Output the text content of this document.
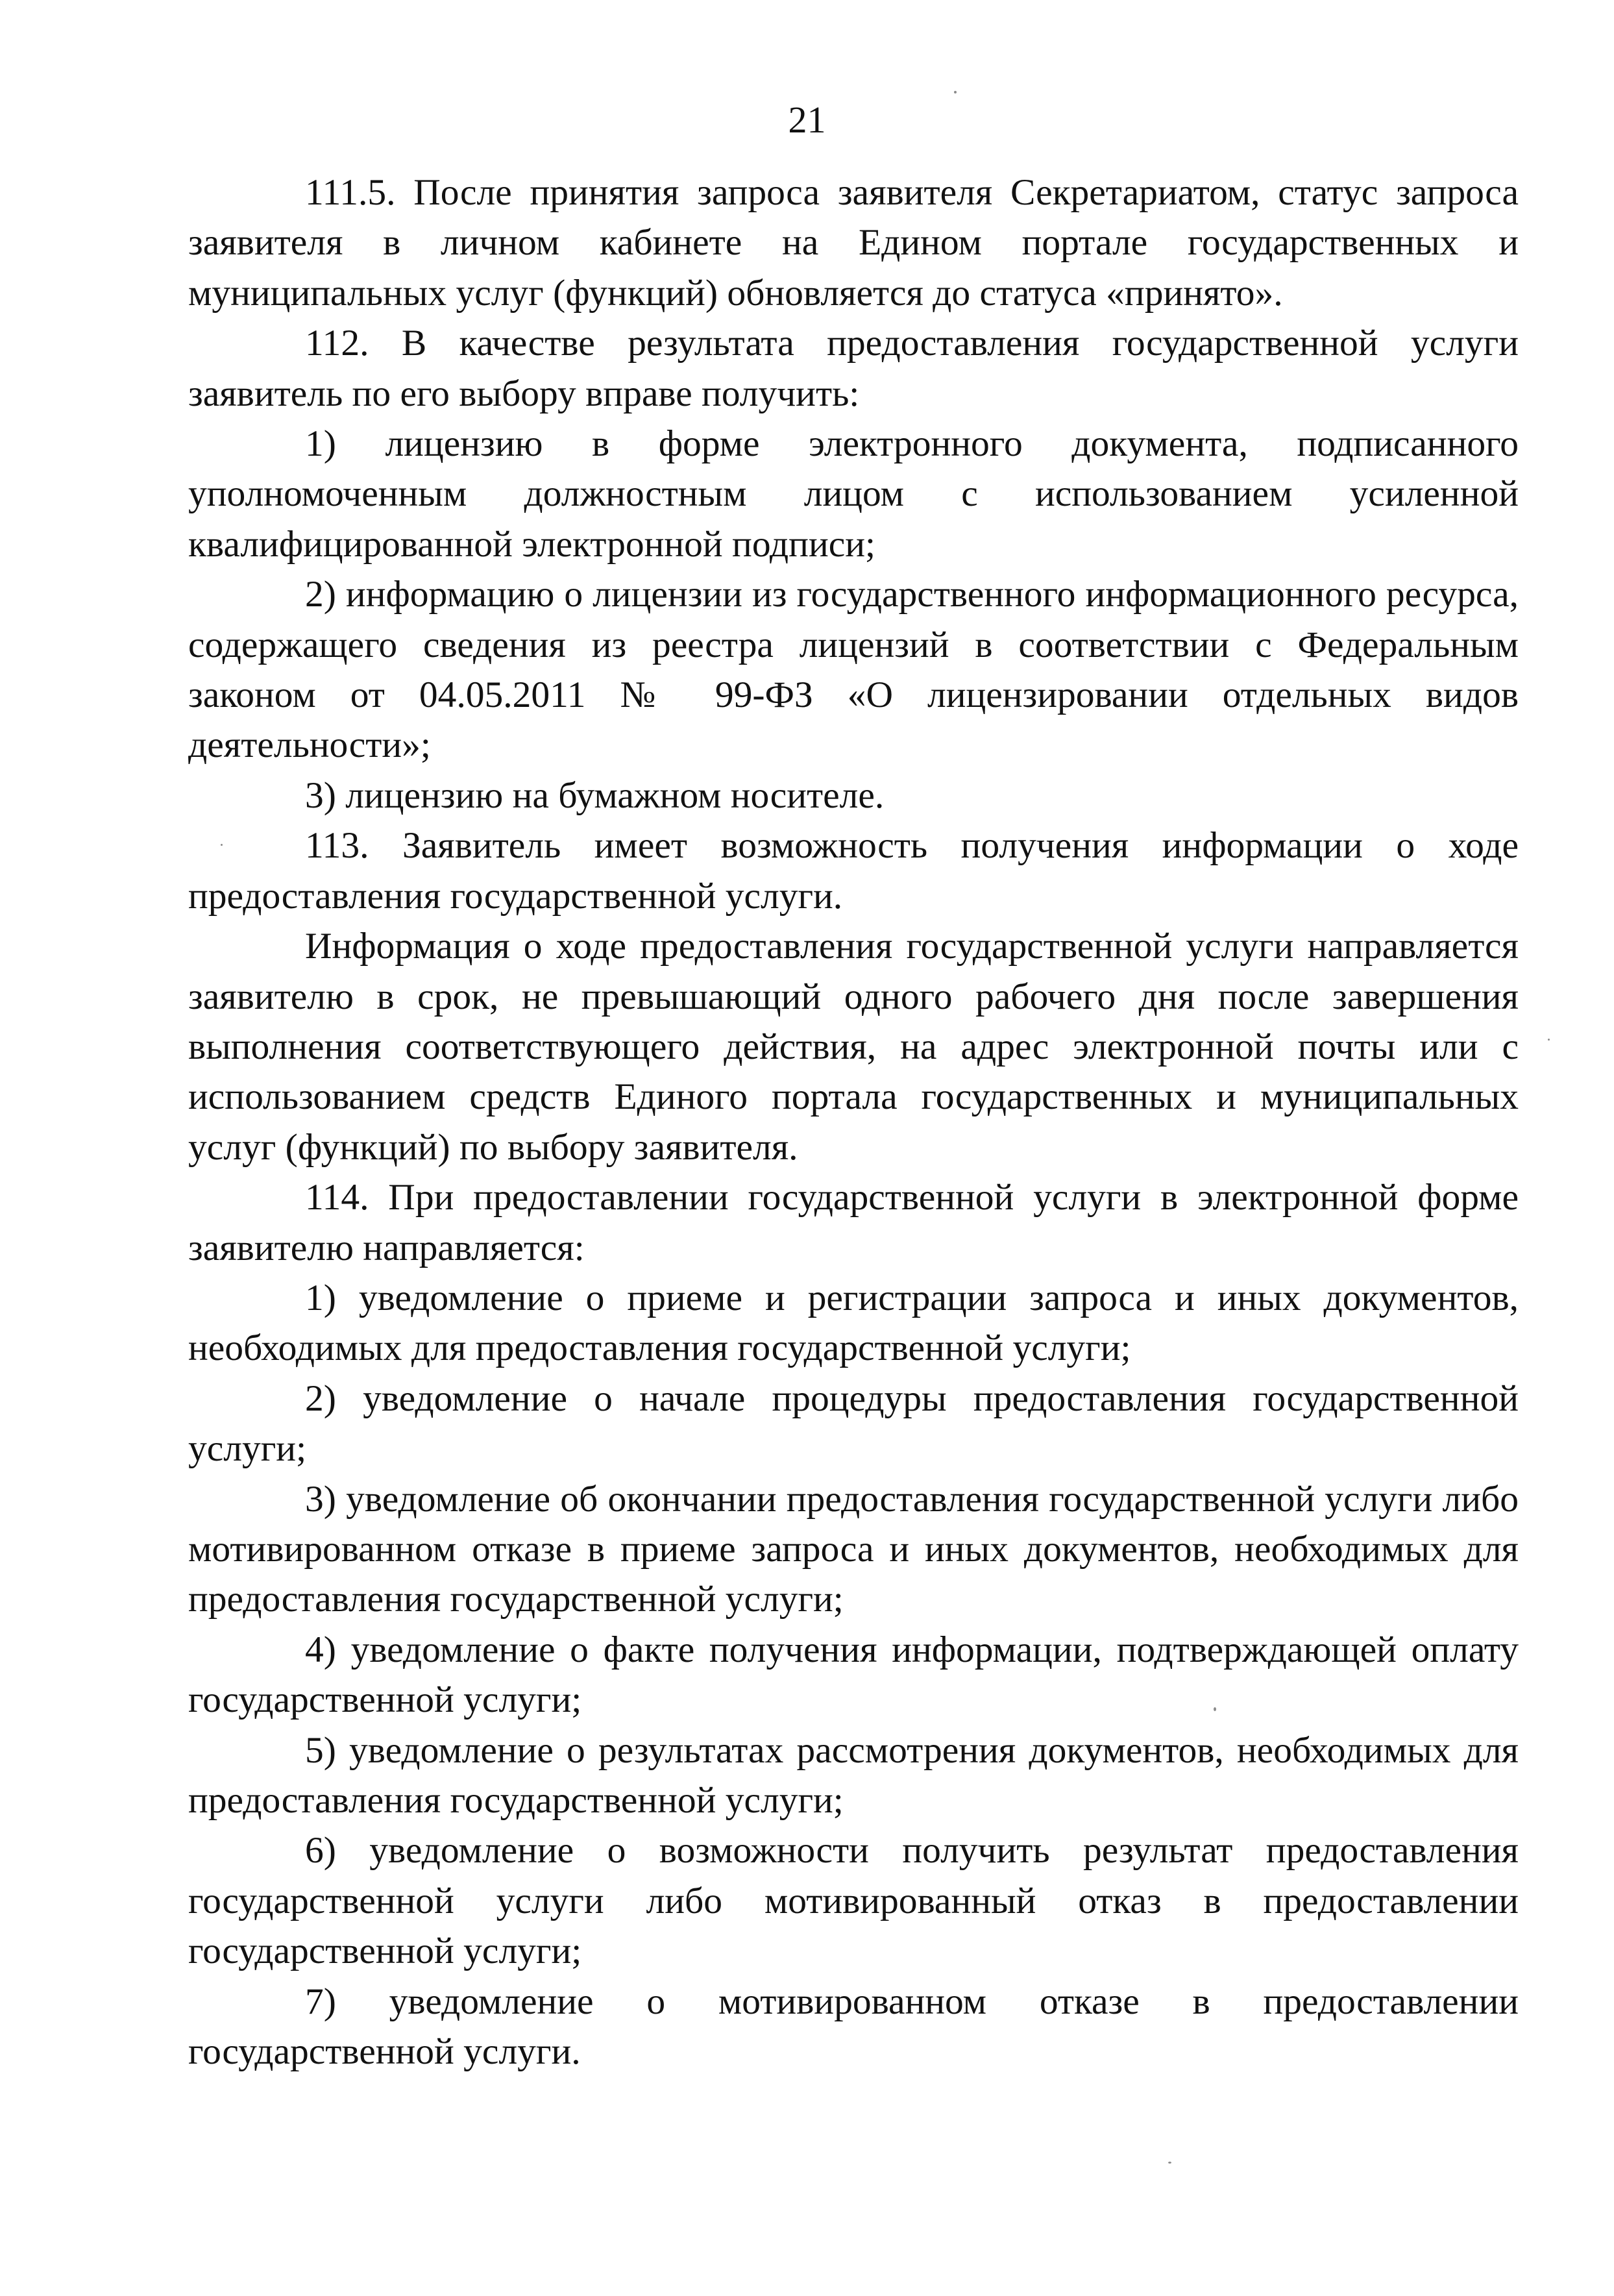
21

111.5. После принятия запроса заявителя Секретариатом, статус запроса заявителя в личном кабинете на Едином портале государственных и муниципальных услуг (функций) обновляется до статуса «принято».

112. В качестве результата предоставления государственной услуги заявитель по его выбору вправе получить:

1) лицензию в форме электронного документа, подписанного уполномоченным должностным лицом с использованием усиленной квалифицированной электронной подписи;

2) информацию о лицензии из государственного информационного ресурса, содержащего сведения из реестра лицензий в соответствии с Федеральным законом от 04.05.2011 № 99-ФЗ «О лицензировании отдельных видов деятельности»;

3) лицензию на бумажном носителе.

113. Заявитель имеет возможность получения информации о ходе предоставления государственной услуги.

Информация о ходе предоставления государственной услуги направляется заявителю в срок, не превышающий одного рабочего дня после завершения выполнения соответствующего действия, на адрес электронной почты или с использованием средств Единого портала государственных и муниципальных услуг (функций) по выбору заявителя.

114. При предоставлении государственной услуги в электронной форме заявителю направляется:

1) уведомление о приеме и регистрации запроса и иных документов, необходимых для предоставления государственной услуги;

2) уведомление о начале процедуры предоставления государственной услуги;

3) уведомление об окончании предоставления государственной услуги либо мотивированном отказе в приеме запроса и иных документов, необходимых для предоставления государственной услуги;

4) уведомление о факте получения информации, подтверждающей оплату государственной услуги;

5) уведомление о результатах рассмотрения документов, необходимых для предоставления государственной услуги;

6) уведомление о возможности получить результат предоставления государственной услуги либо мотивированный отказ в предоставлении государственной услуги;

7) уведомление о мотивированном отказе в предоставлении государственной услуги.
